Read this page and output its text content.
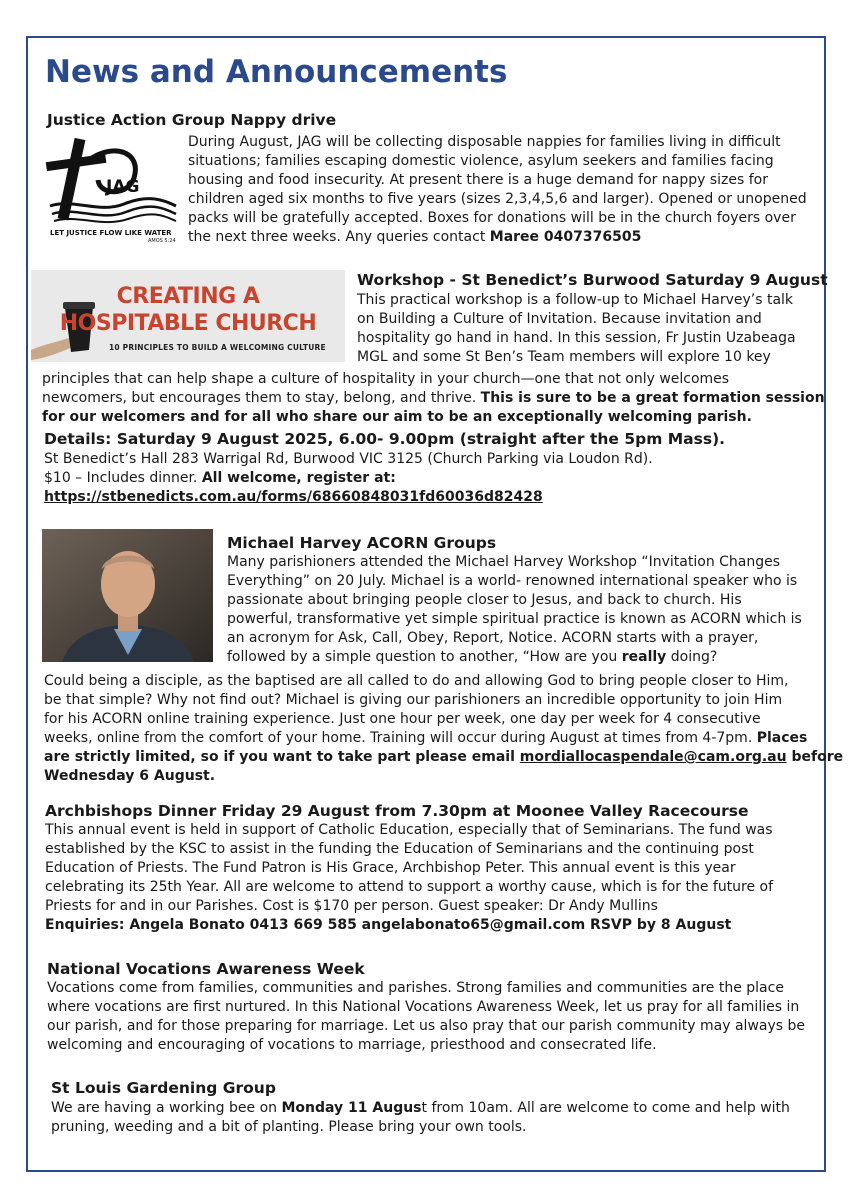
News and Announcements
Justice Action Group Nappy drive
JAG
LET JUSTICE FLOW LIKE WATER
AMOS 5:24

During August, JAG will be collecting disposable nappies for families living in difficult

situations; families escaping domestic violence, asylum seekers and families facing

housing and food insecurity. At present there is a huge demand for nappy sizes for

children aged six months to five years (sizes 2,3,4,5,6 and larger). Opened or unopened

packs will be gratefully accepted. Boxes for donations will be in the church foyers over

the next three weeks. Any queries contact Maree 0407376505

CREATING A
HOSPITABLE CHURCH
10 PRINCIPLES TO BUILD A WELCOMING CULTURE
Workshop - St Benedict’s Burwood Saturday 9 August

This practical workshop is a follow-up to Michael Harvey’s talk

on Building a Culture of Invitation. Because invitation and

hospitality go hand in hand. In this session, Fr Justin Uzabeaga

MGL and some St Ben’s Team members will explore 10 key

principles that can help shape a culture of hospitality in your church—one that not only welcomes

newcomers, but encourages them to stay, belong, and thrive. This is sure to be a great formation session

for our welcomers and for all who share our aim to be an exceptionally welcoming parish.

Details: Saturday 9 August 2025, 6.00- 9.00pm (straight after the 5pm Mass).

St Benedict’s Hall 283 Warrigal Rd, Burwood VIC 3125 (Church Parking via Loudon Rd).

$10 – Includes dinner. All welcome, register at:

https://stbenedicts.com.au/forms/68660848031fd60036d82428

Michael Harvey ACORN Groups

Many parishioners attended the Michael Harvey Workshop “Invitation Changes

Everything” on 20 July. Michael is a world- renowned international speaker who is

passionate about bringing people closer to Jesus, and back to church. His

powerful, transformative yet simple spiritual practice is known as ACORN which is

an acronym for Ask, Call, Obey, Report, Notice. ACORN starts with a prayer,

followed by a simple question to another, “How are you really doing?

Could being a disciple, as the baptised are all called to do and allowing God to bring people closer to Him,

be that simple? Why not find out? Michael is giving our parishioners an incredible opportunity to join Him

for his ACORN online training experience. Just one hour per week, one day per week for 4 consecutive

weeks, online from the comfort of your home. Training will occur during August at times from 4-7pm. Places

are strictly limited, so if you want to take part please email mordiallocaspendale@cam.org.au before

Wednesday 6 August.

Archbishops Dinner Friday 29 August from 7.30pm at Moonee Valley Racecourse

This annual event is held in support of Catholic Education, especially that of Seminarians. The fund was

established by the KSC to assist in the funding the Education of Seminarians and the continuing post

Education of Priests. The Fund Patron is His Grace, Archbishop Peter. This annual event is this year

celebrating its 25th Year. All are welcome to attend to support a worthy cause, which is for the future of

Priests for and in our Parishes. Cost is $170 per person. Guest speaker: Dr Andy Mullins

Enquiries: Angela Bonato 0413 669 585 angelabonato65@gmail.com RSVP by 8 August

National Vocations Awareness Week

Vocations come from families, communities and parishes. Strong families and communities are the place

where vocations are first nurtured. In this National Vocations Awareness Week, let us pray for all families in

our parish, and for those preparing for marriage. Let us also pray that our parish community may always be

welcoming and encouraging of vocations to marriage, priesthood and consecrated life.

St Louis Gardening Group

We are having a working bee on Monday 11 August from 10am. All are welcome to come and help with

pruning, weeding and a bit of planting. Please bring your own tools.
